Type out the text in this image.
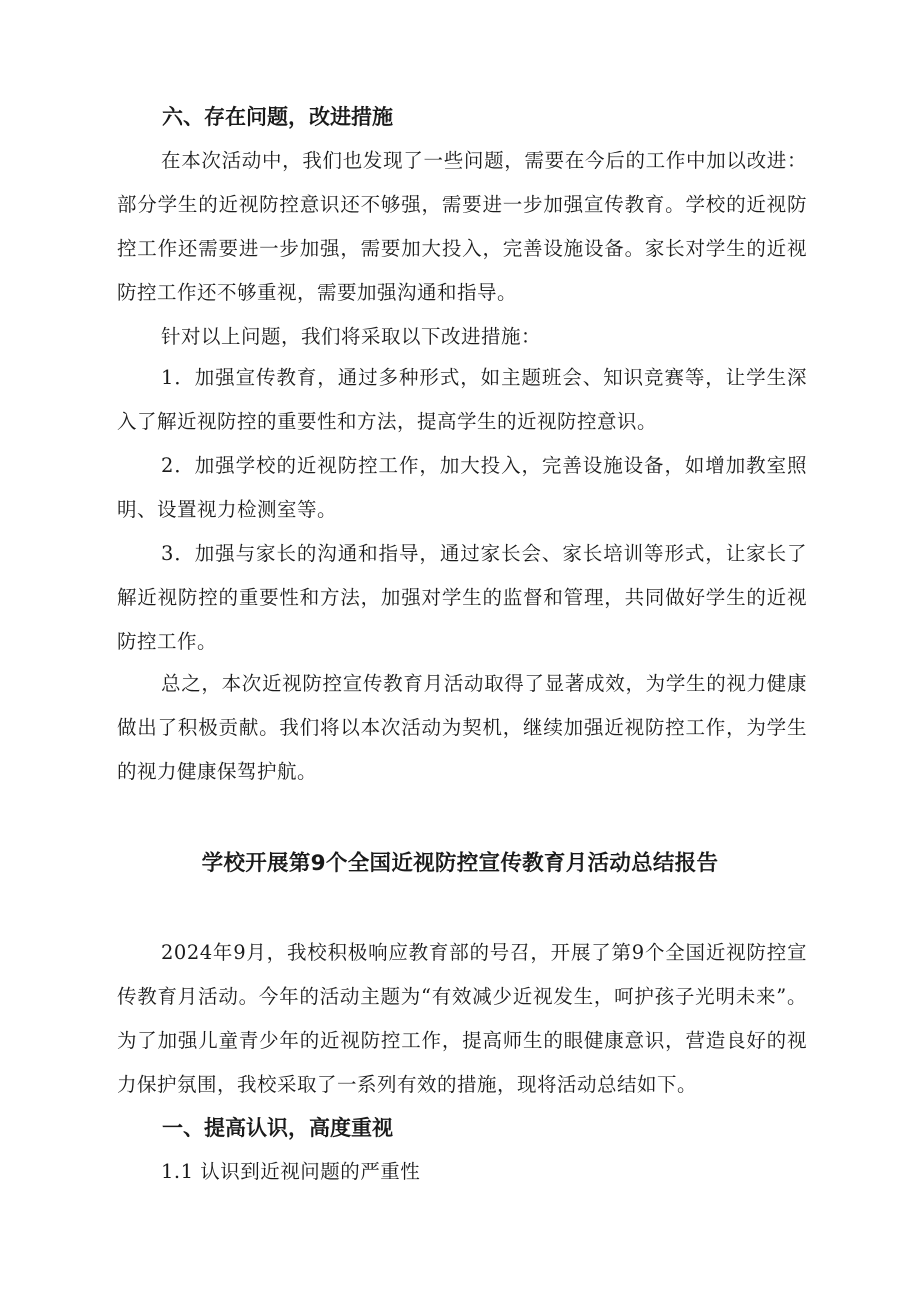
六、存在问题，改进措施

在本次活动中，我们也发现了一些问题，需要在今后的工作中加以改进：部分学生的近视防控意识还不够强，需要进一步加强宣传教育。学校的近视防控工作还需要进一步加强，需要加大投入，完善设施设备。家长对学生的近视防控工作还不够重视，需要加强沟通和指导。

针对以上问题，我们将采取以下改进措施：

1．加强宣传教育，通过多种形式，如主题班会、知识竞赛等，让学生深入了解近视防控的重要性和方法，提高学生的近视防控意识。

2．加强学校的近视防控工作，加大投入，完善设施设备，如增加教室照明、设置视力检测室等。

3．加强与家长的沟通和指导，通过家长会、家长培训等形式，让家长了解近视防控的重要性和方法，加强对学生的监督和管理，共同做好学生的近视防控工作。

总之，本次近视防控宣传教育月活动取得了显著成效，为学生的视力健康做出了积极贡献。我们将以本次活动为契机，继续加强近视防控工作，为学生的视力健康保驾护航。

学校开展第9个全国近视防控宣传教育月活动总结报告

2024年9月，我校积极响应教育部的号召，开展了第9个全国近视防控宣传教育月活动。今年的活动主题为“有效减少近视发生，呵护孩子光明未来”。为了加强儿童青少年的近视防控工作，提高师生的眼健康意识，营造良好的视力保护氛围，我校采取了一系列有效的措施，现将活动总结如下。

一、提高认识，高度重视

1.1 认识到近视问题的严重性
